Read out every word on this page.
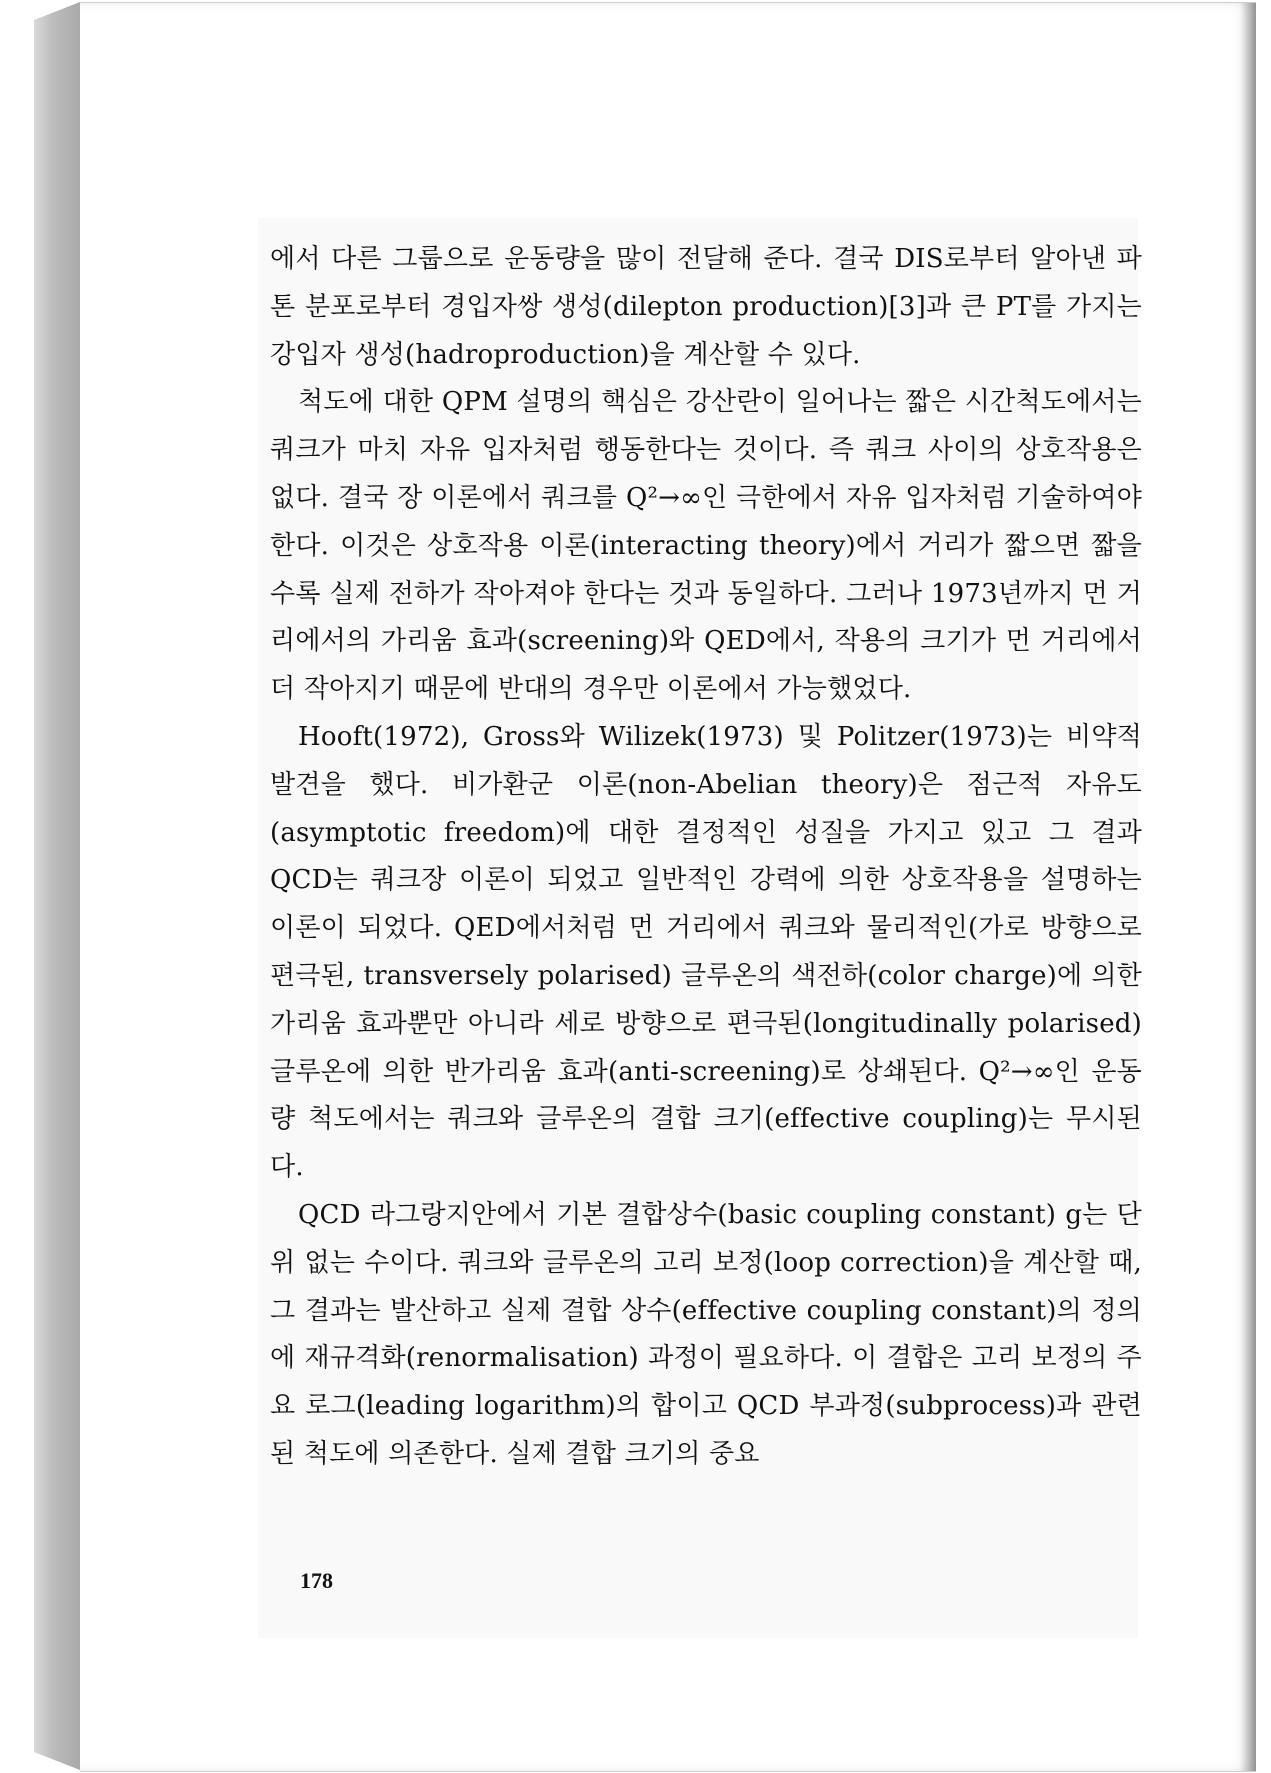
에서 다른 그룹으로 운동량을 많이 전달해 준다. 결국 DIS로부터 알아낸 파톤 분포로부터 경입자쌍 생성(dilepton production)[3]과 큰 PT를 가지는 강입자 생성(hadroproduction)을 계산할 수 있다.

척도에 대한 QPM 설명의 핵심은 강산란이 일어나는 짧은 시간척도에서는 쿼크가 마치 자유 입자처럼 행동한다는 것이다. 즉 쿼크 사이의 상호작용은 없다. 결국 장 이론에서 쿼크를 Q²→∞인 극한에서 자유 입자처럼 기술하여야 한다. 이것은 상호작용 이론(interacting theory)에서 거리가 짧으면 짧을수록 실제 전하가 작아져야 한다는 것과 동일하다. 그러나 1973년까지 먼 거리에서의 가리움 효과(screening)와 QED에서, 작용의 크기가 먼 거리에서 더 작아지기 때문에 반대의 경우만 이론에서 가능했었다.

Hooft(1972), Gross와 Wilizek(1973) 및 Politzer(1973)는 비약적 발견을 했다. 비가환군 이론(non-Abelian theory)은 점근적 자유도(asymptotic freedom)에 대한 결정적인 성질을 가지고 있고 그 결과 QCD는 쿼크장 이론이 되었고 일반적인 강력에 의한 상호작용을 설명하는 이론이 되었다. QED에서처럼 먼 거리에서 쿼크와 물리적인(가로 방향으로 편극된, transversely polarised) 글루온의 색전하(color charge)에 의한 가리움 효과뿐만 아니라 세로 방향으로 편극된(longitudinally polarised) 글루온에 의한 반가리움 효과(anti-screening)로 상쇄된다. Q²→∞인 운동량 척도에서는 쿼크와 글루온의 결합 크기(effective coupling)는 무시된다.

QCD 라그랑지안에서 기본 결합상수(basic coupling constant) g는 단위 없는 수이다. 쿼크와 글루온의 고리 보정(loop correction)을 계산할 때, 그 결과는 발산하고 실제 결합 상수(effective coupling constant)의 정의에 재규격화(renormalisation) 과정이 필요하다. 이 결합은 고리 보정의 주요 로그(leading logarithm)의 합이고 QCD 부과정(subprocess)과 관련된 척도에 의존한다. 실제 결합 크기의 중요

178
